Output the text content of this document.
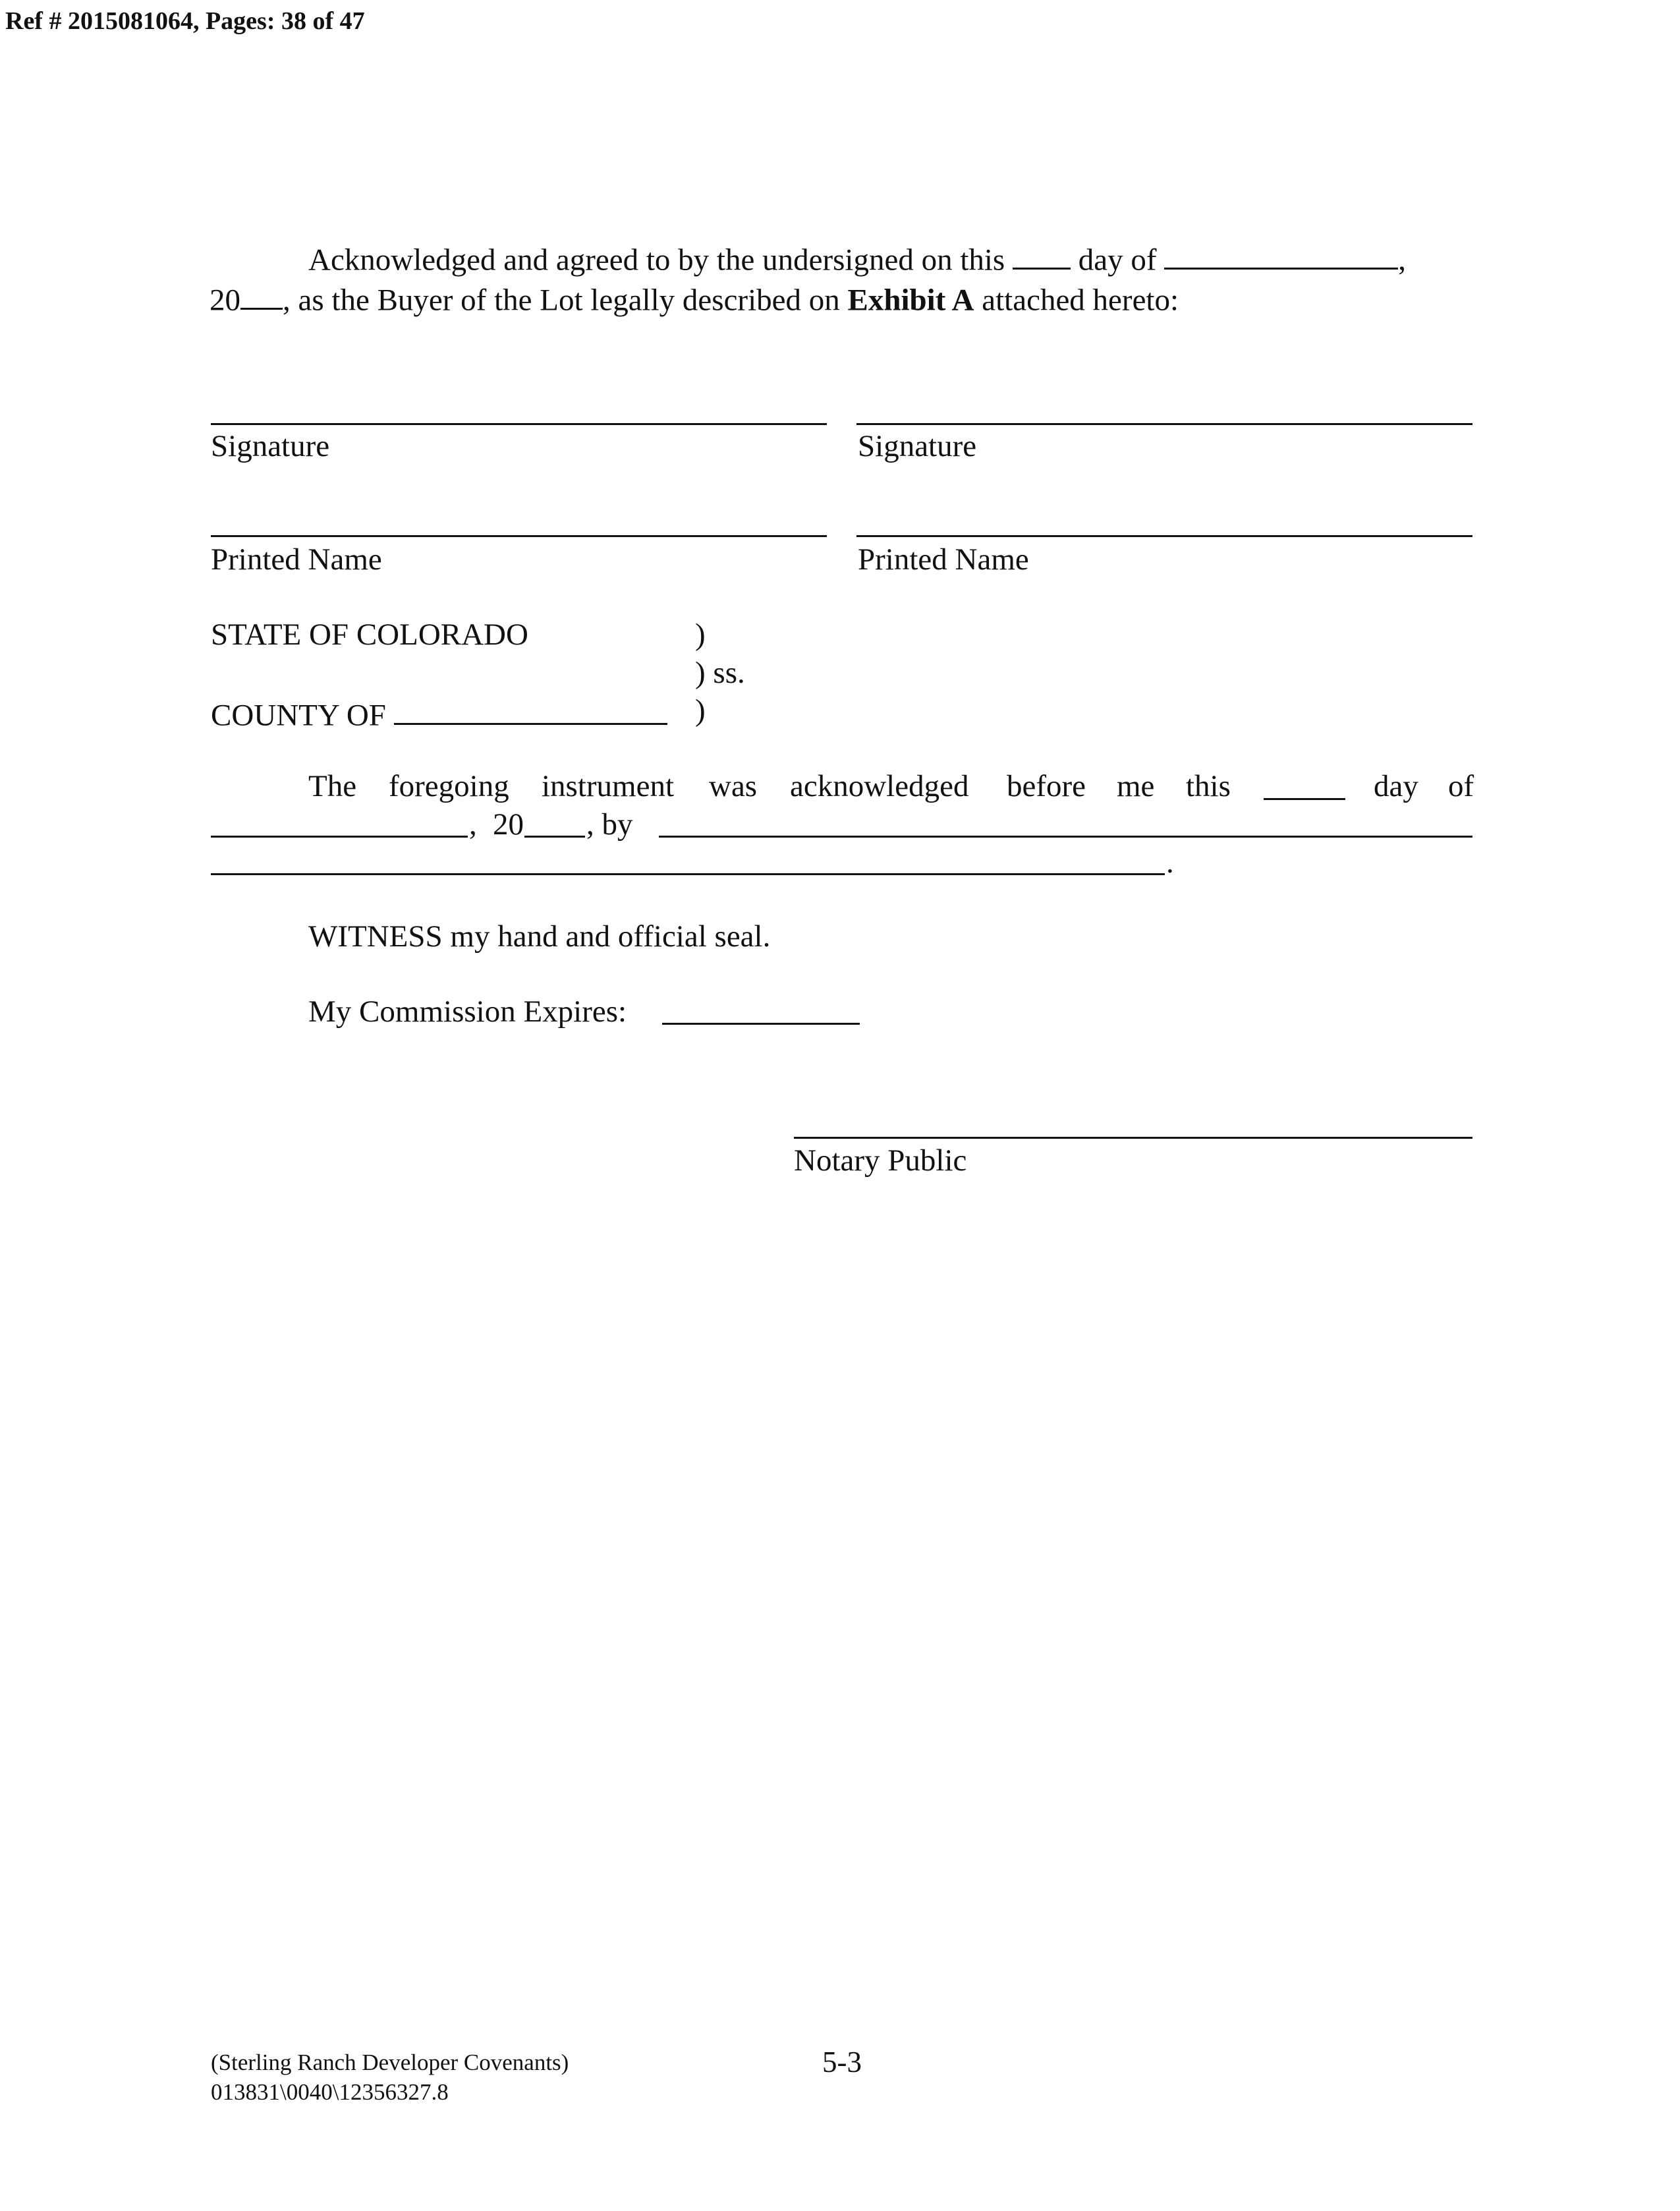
Ref # 2015081064, Pages: 38 of 47
Acknowledged and agreed to by the undersigned on this day of	,
20 , as the Buyer of the Lot legally described on Exhibit A attached hereto:
Signature	Signature
Printed Name	Printed Name
STATE OF COLORADO	)
) ss.
COUNTY OF	)
The foregoing instrument was acknowledged before me this	day of
, 20 , by
.
WITNESS my hand and official seal.
My Commission Expires:
Notary Public
(Sterling Ranch Developer Covenants)
013831\0040\12356327.8
5-3
